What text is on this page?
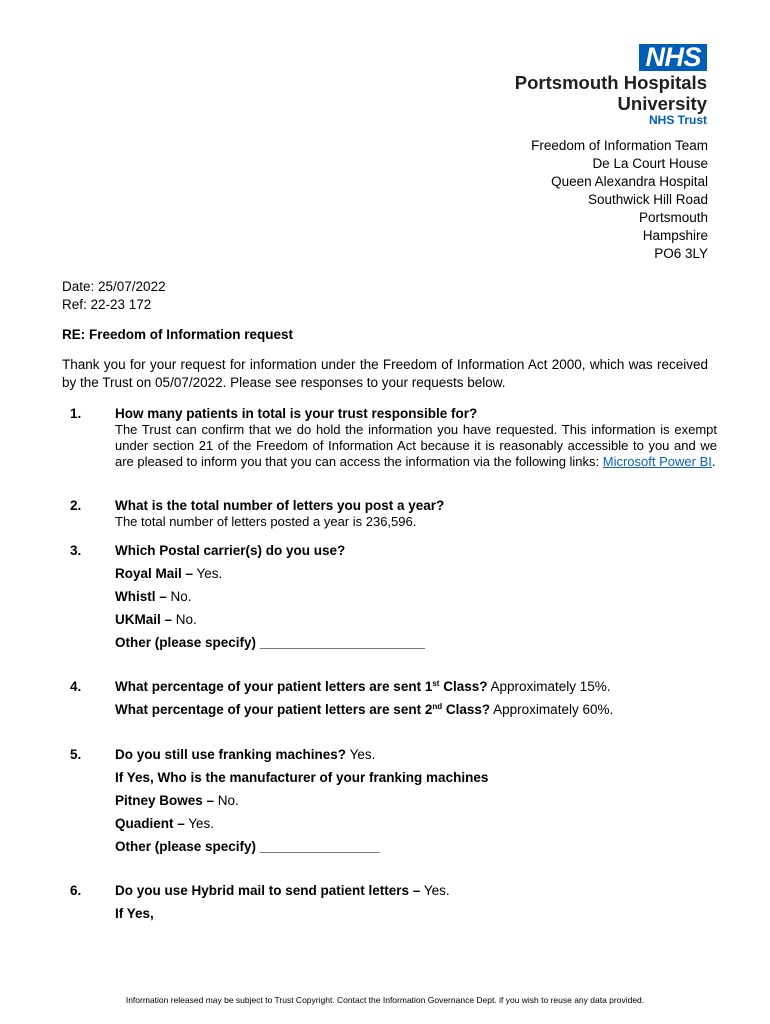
NHS
Portsmouth Hospitals
University
NHS Trust
Freedom of Information Team
De La Court House
Queen Alexandra Hospital
Southwick Hill Road
Portsmouth
Hampshire
PO6 3LY
Date: 25/07/2022
Ref: 22-23 172
RE: Freedom of Information request
Thank you for your request for information under the Freedom of Information Act 2000, which was received by the Trust on 05/07/2022. Please see responses to your requests below.
1. How many patients in total is your trust responsible for?
The Trust can confirm that we do hold the information you have requested. This information is exempt under section 21 of the Freedom of Information Act because it is reasonably accessible to you and we are pleased to inform you that you can access the information via the following links: Microsoft Power BI.
2. What is the total number of letters you post a year?
The total number of letters posted a year is 236,596.
3. Which Postal carrier(s) do you use?
Royal Mail – Yes.
Whistl – No.
UKMail – No.
Other (please specify) ______________________
4. What percentage of your patient letters are sent 1st Class? Approximately 15%.
What percentage of your patient letters are sent 2nd Class? Approximately 60%.
5. Do you still use franking machines? Yes.
If Yes, Who is the manufacturer of your franking machines
Pitney Bowes – No.
Quadient – Yes.
Other (please specify) ________________
6. Do you use Hybrid mail to send patient letters – Yes.
If Yes,
Information released may be subject to Trust Copyright. Contact the Information Governance Dept. if you wish to reuse any data provided.
